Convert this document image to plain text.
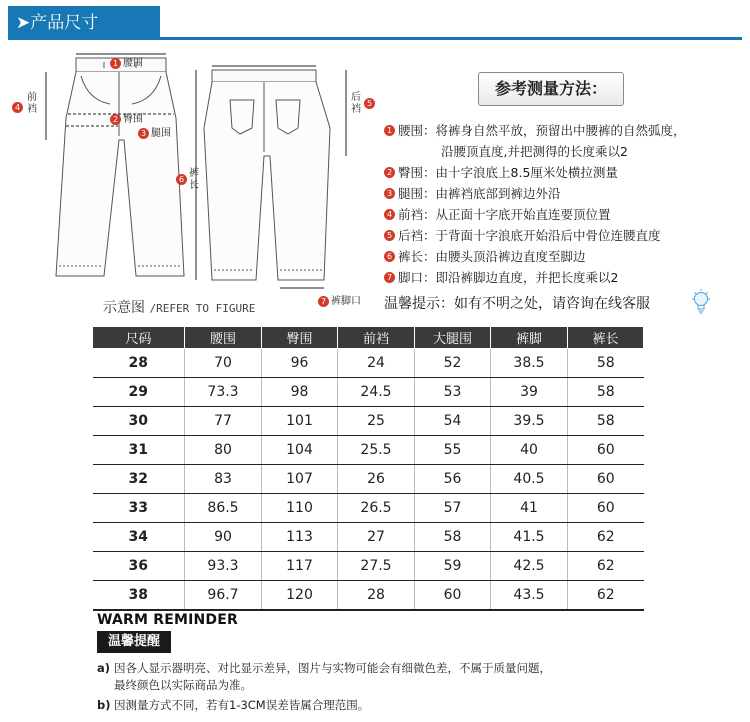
➤产品尺寸
1 腰围
2 臀围
3 腿围
4
前裆
后裆
5
6
裤长
7 裤脚口
示意图 /REFER TO FIGURE
参考测量方法：
1 腰围：将裤身自然平放，预留出中腰裤的自然弧度，
沿腰顶直度,并把测得的长度乘以2
2 臀围：由十字浪底上8.5厘米处横拉测量
3 腿围：由裤裆底部到裤边外沿
4 前裆：从正面十字底开始直连要顶位置
5 后裆：于背面十字浪底开始沿后中骨位连腰直度
6 裤长：由腰头顶沿裤边直度至脚边
7 脚口：即沿裤脚边直度，并把长度乘以2
温馨提示：如有不明之处，请咨询在线客服
尺码	腰围	臀围	前裆	大腿围	裤脚	裤长
28	70	96	24	52	38.5	58
29	73.3	98	24.5	53	39	58
30	77	101	25	54	39.5	58
31	80	104	25.5	55	40	60
32	83	107	26	56	40.5	60
33	86.5	110	26.5	57	41	60
34	90	113	27	58	41.5	62
36	93.3	117	27.5	59	42.5	62
38	96.7	120	28	60	43.5	62
WARM REMINDER
温馨提醒
a) 因各人显示器明亮、对比显示差异，图片与实物可能会有细微色差，不属于质量问题，
最终颜色以实际商品为准。
b) 因测量方式不同，若有1-3CM误差皆属合理范围。
